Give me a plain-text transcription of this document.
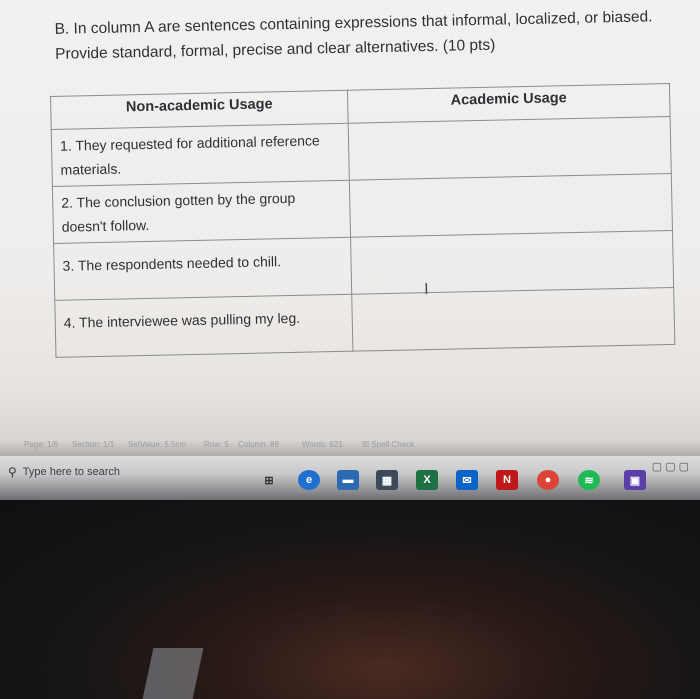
B. In column A are sentences containing expressions that informal, localized, or biased.

Provide standard, formal, precise and clear alternatives. (10 pts)

Non-academic Usage	Academic Usage
1. They requested for additional reference materials.	
2. The conclusion gotten by the group doesn't follow.	
3. The respondents needed to chill.	
4. The interviewee was pulling my leg.	
Ι
Page: 1/6 Section: 1/1 SetValue: 5.5cm Row: 5 Column: 88	Words: 621 ☒ Spell Check
⚲ Type here to search
⊞	e	▬	▦	X	✉	N	●	≋	▣
▢▢▢
